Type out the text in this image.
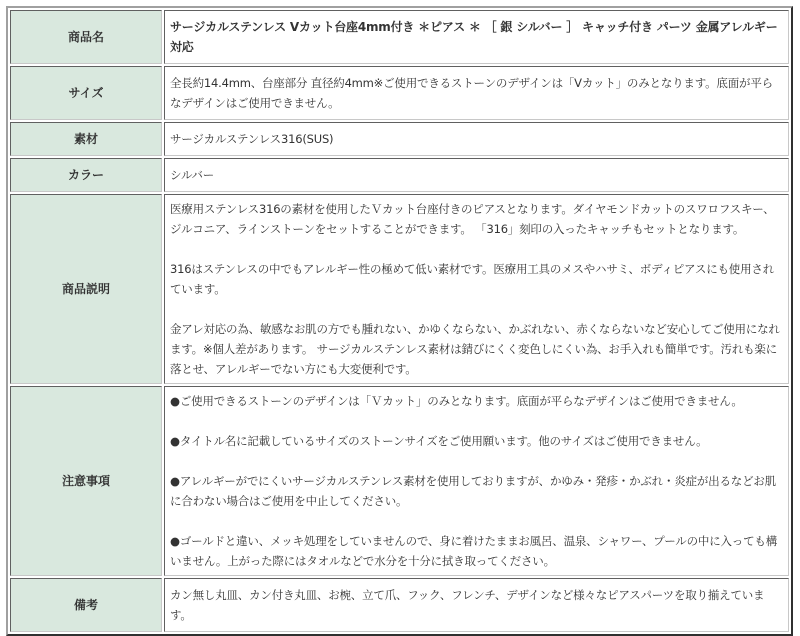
商品名	サージカルステンレス Vカット台座4mm付き ＊ピアス ＊ ［ 銀 シルバー ］ キャッチ付き パーツ 金属アレルギー対応

サイズ	全長約14.4mm、台座部分 直径約4mm※ご使用できるストーンのデザインは「Vカット」のみとなります。底面が平らなデザインはご使用できません。

素材	サージカルステンレス316(SUS)

カラー	シルバー

商品説明	医療用ステンレス316の素材を使用したＶカット台座付きのピアスとなります。ダイヤモンドカットのスワロフスキー、ジルコニア、ラインストーンをセットすることができます。 「316」刻印の入ったキャッチもセットとなります。

316はステンレスの中でもアレルギー性の極めて低い素材です。医療用工具のメスやハサミ、ボディピアスにも使用されています。

金アレ対応の為、敏感なお肌の方でも腫れない、かゆくならない、かぶれない、赤くならないなど安心してご使用になれます。※個人差があります。 サージカルステンレス素材は錆びにくく変色しにくい為、お手入れも簡単です。汚れも楽に落とせ、アレルギーでない方にも大変便利です。

注意事項	●ご使用できるストーンのデザインは「Ｖカット」のみとなります。底面が平らなデザインはご使用できません。

●タイトル名に記載しているサイズのストーンサイズをご使用願います。他のサイズはご使用できません。

●アレルギーがでにくいサージカルステンレス素材を使用しておりますが、かゆみ・発疹・かぶれ・炎症が出るなどお肌に合わない場合はご使用を中止してください。

●ゴールドと違い、メッキ処理をしていませんので、身に着けたままお風呂、温泉、シャワー、プールの中に入っても構いません。上がった際にはタオルなどで水分を十分に拭き取ってください。

備考	カン無し丸皿、カン付き丸皿、お椀、立て爪、フック、フレンチ、デザインなど様々なピアスパーツを取り揃えています。
